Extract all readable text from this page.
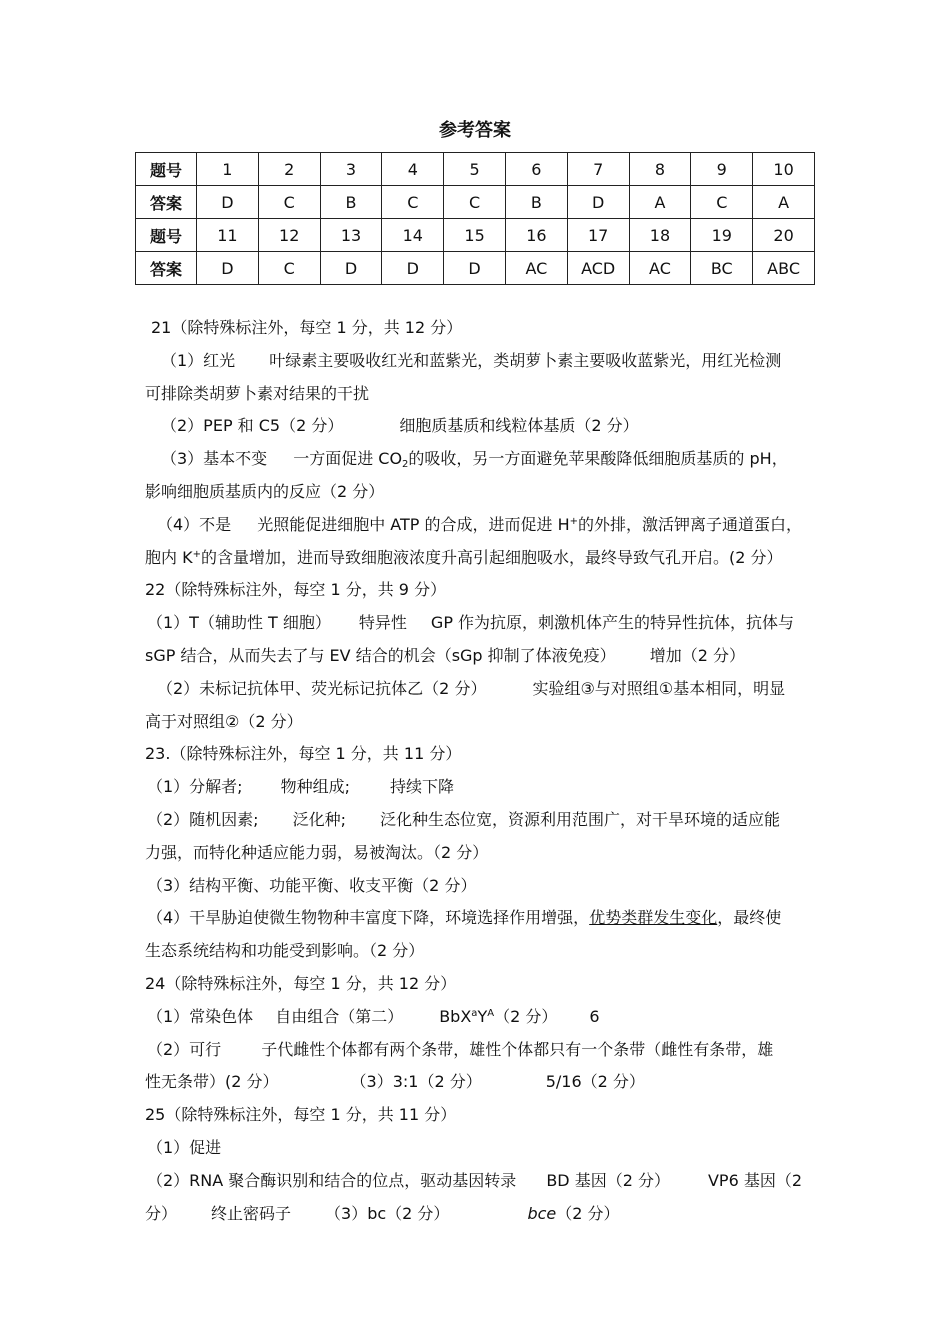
参考答案
题号	1	2	3	4	5	6	7	8	9	10
答案	D	C	B	C	C	B	D	A	C	A
题号	11	12	13	14	15	16	17	18	19	20
答案	D	C	D	D	D	AC	ACD	AC	BC	ABC
21（除特殊标注外，每空 1 分，共 12 分）
（1）红光 叶绿素主要吸收红光和蓝紫光，类胡萝卜素主要吸收蓝紫光，用红光检测
可排除类胡萝卜素对结果的干扰
（2）PEP 和 C5（2 分）	细胞质基质和线粒体基质（2 分）
（3）基本不变 一方面促进 $CO_2$的吸收，另一方面避免苹果酸降低细胞质基质的 pH，
影响细胞质基质内的反应（2 分）
（4）不是 光照能促进细胞中 ATP 的合成，进而促进 H+的外排，激活钾离子通道蛋白，
胞内 K+的含量增加，进而导致细胞液浓度升高引起细胞吸水，最终导致气孔开启。(2 分）
22（除特殊标注外，每空 1 分，共 9 分）
（1）T（辅助性 T 细胞） 特异性 GP 作为抗原，刺激机体产生的特异性抗体，抗体与
sGP 结合，从而失去了与 EV 结合的机会（sGp 抑制了体液免疫） 增加（2 分）
（2）未标记抗体甲、荧光标记抗体乙（2 分）	实验组③与对照组①基本相同，明显
高于对照组②（2 分）
23.（除特殊标注外，每空 1 分，共 11 分）
（1）分解者; 物种组成;	持续下降
（2）随机因素; 泛化种; 泛化种生态位宽，资源利用范围广，对干旱环境的适应能
力强，而特化种适应能力弱，易被淘汰。（2 分）
（3）结构平衡、功能平衡、收支平衡（2 分）
（4）干旱胁迫使微生物物种丰富度下降，环境选择作用增强，优势类群发生变化，最终使
生态系统结构和功能受到影响。（2 分）
24（除特殊标注外，每空 1 分，共 12 分）
（1）常染色体 自由组合（第二） $BbX^aY^A(2$ 分） 6
（2）可行	子代雌性个体都有两个条带，雄性个体都只有一个条带（雌性有条带，雄
性无条带）(2 分）	（3）3:1（2 分）	5/16（2 分）
25（除特殊标注外，每空 1 分，共 11 分）
（1）促进
（2）RNA 聚合酶识别和结合的位点，驱动基因转录 BD 基因（2 分） VP6 基因（2
分） 终止密码子 （3）bc（2 分）	bce（2 分）
